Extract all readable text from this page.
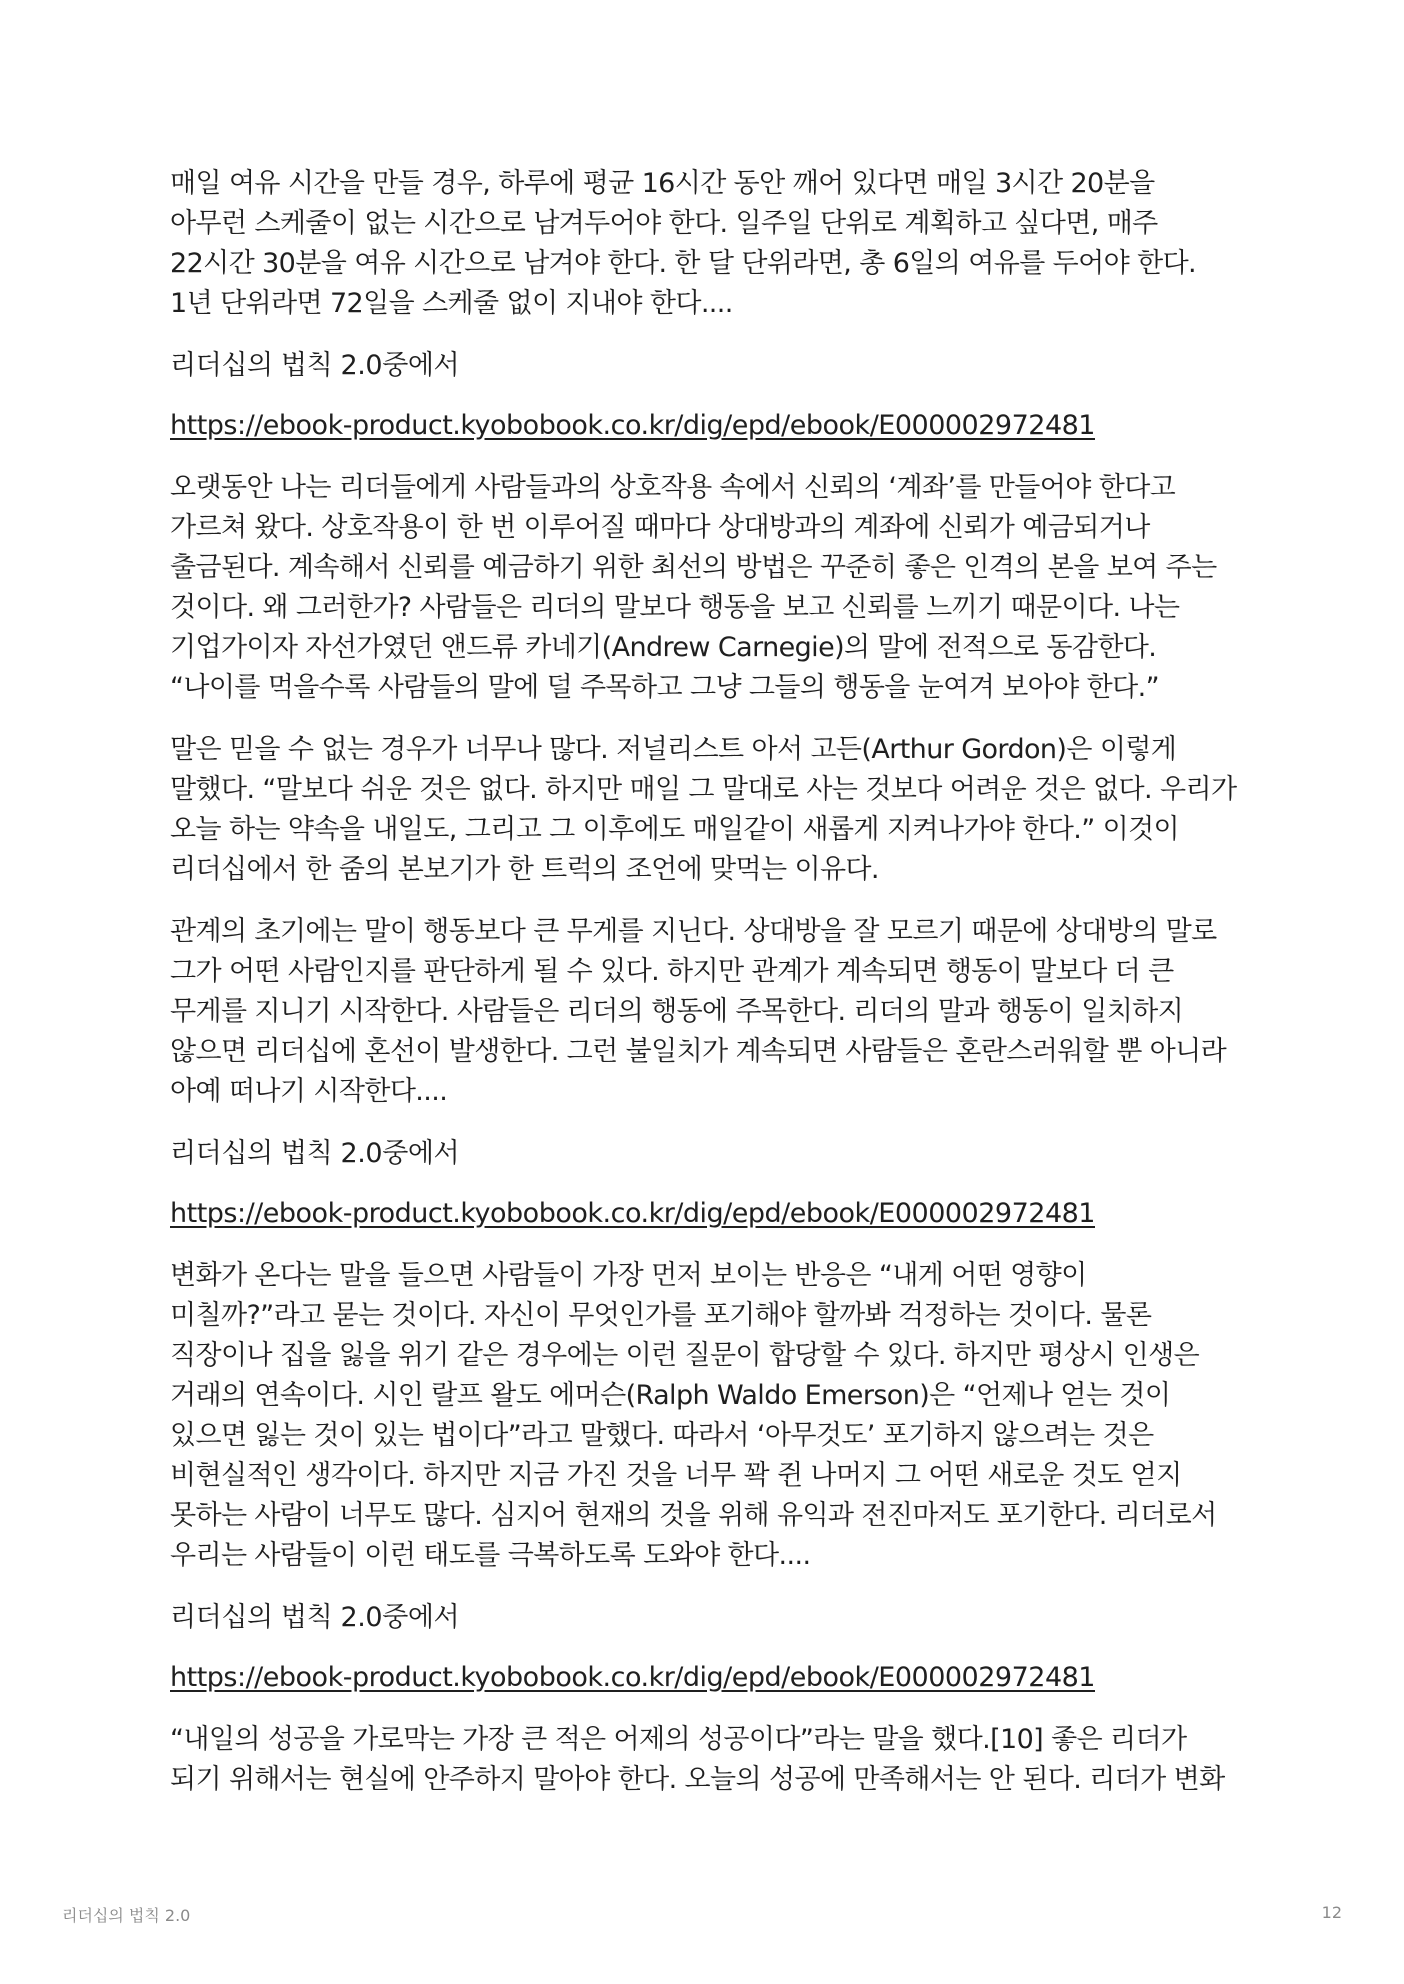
매일 여유 시간을 만들 경우, 하루에 평균 16시간 동안 깨어 있다면 매일 3시간 20분을 아무런 스케줄이 없는 시간으로 남겨두어야 한다. 일주일 단위로 계획하고 싶다면, 매주 22시간 30분을 여유 시간으로 남겨야 한다. 한 달 단위라면, 총 6일의 여유를 두어야 한다. 1년 단위라면 72일을 스케줄 없이 지내야 한다....

리더십의 법칙 2.0중에서

https://ebook-product.kyobobook.co.kr/dig/epd/ebook/E000002972481

오랫동안 나는 리더들에게 사람들과의 상호작용 속에서 신뢰의 ‘계좌’를 만들어야 한다고 가르쳐 왔다. 상호작용이 한 번 이루어질 때마다 상대방과의 계좌에 신뢰가 예금되거나 출금된다. 계속해서 신뢰를 예금하기 위한 최선의 방법은 꾸준히 좋은 인격의 본을 보여 주는 것이다. 왜 그러한가? 사람들은 리더의 말보다 행동을 보고 신뢰를 느끼기 때문이다. 나는 기업가이자 자선가였던 앤드류 카네기(Andrew Carnegie)의 말에 전적으로 동감한다. “나이를 먹을수록 사람들의 말에 덜 주목하고 그냥 그들의 행동을 눈여겨 보아야 한다.”

말은 믿을 수 없는 경우가 너무나 많다. 저널리스트 아서 고든(Arthur Gordon)은 이렇게 말했다. “말보다 쉬운 것은 없다. 하지만 매일 그 말대로 사는 것보다 어려운 것은 없다. 우리가 오늘 하는 약속을 내일도, 그리고 그 이후에도 매일같이 새롭게 지켜나가야 한다.” 이것이 리더십에서 한 줌의 본보기가 한 트럭의 조언에 맞먹는 이유다.

관계의 초기에는 말이 행동보다 큰 무게를 지닌다. 상대방을 잘 모르기 때문에 상대방의 말로 그가 어떤 사람인지를 판단하게 될 수 있다. 하지만 관계가 계속되면 행동이 말보다 더 큰 무게를 지니기 시작한다. 사람들은 리더의 행동에 주목한다. 리더의 말과 행동이 일치하지 않으면 리더십에 혼선이 발생한다. 그런 불일치가 계속되면 사람들은 혼란스러워할 뿐 아니라 아예 떠나기 시작한다....

리더십의 법칙 2.0중에서

https://ebook-product.kyobobook.co.kr/dig/epd/ebook/E000002972481

변화가 온다는 말을 들으면 사람들이 가장 먼저 보이는 반응은 “내게 어떤 영향이 미칠까?”라고 묻는 것이다. 자신이 무엇인가를 포기해야 할까봐 걱정하는 것이다. 물론 직장이나 집을 잃을 위기 같은 경우에는 이런 질문이 합당할 수 있다. 하지만 평상시 인생은 거래의 연속이다. 시인 랄프 왈도 에머슨(Ralph Waldo Emerson)은 “언제나 얻는 것이 있으면 잃는 것이 있는 법이다”라고 말했다. 따라서 ‘아무것도’ 포기하지 않으려는 것은 비현실적인 생각이다. 하지만 지금 가진 것을 너무 꽉 쥔 나머지 그 어떤 새로운 것도 얻지 못하는 사람이 너무도 많다. 심지어 현재의 것을 위해 유익과 전진마저도 포기한다. 리더로서 우리는 사람들이 이런 태도를 극복하도록 도와야 한다....

리더십의 법칙 2.0중에서

https://ebook-product.kyobobook.co.kr/dig/epd/ebook/E000002972481

“내일의 성공을 가로막는 가장 큰 적은 어제의 성공이다”라는 말을 했다.[10] 좋은 리더가 되기 위해서는 현실에 안주하지 말아야 한다. 오늘의 성공에 만족해서는 안 된다. 리더가 변화

리더십의 법칙 2.0	12
